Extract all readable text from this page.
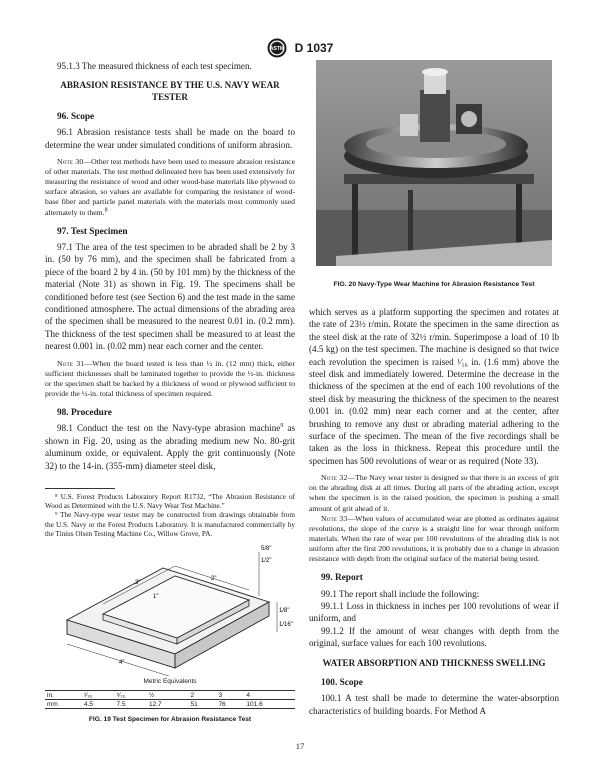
ASTM D 1037

95.1.3 The measured thickness of each test specimen.

ABRASION RESISTANCE BY THE U.S. NAVY WEAR TESTER

96. Scope

96.1 Abrasion resistance tests shall be made on the board to determine the wear under simulated conditions of uniform abrasion.

Note 30—Other test methods have been used to measure abrasion resistance of other materials. The test method delineated here has been used extensively for measuring the resistance of wood and other wood-base materials like plywood to surface abrasion, so values are available for comparing the resistance of wood-base fiber and particle panel materials with the materials most commonly used alternately to them.$^8$

97. Test Specimen

97.1 The area of the test specimen to be abraded shall be 2 by 3 in. (50 by 76 mm), and the specimen shall be fabricated from a piece of the board 2 by 4 in. (50 by 101 mm) by the thickness of the material (Note 31) as shown in Fig. 19. The specimens shall be conditioned before test (see Section 6) and the test made in the same conditioned atmosphere. The actual dimensions of the abrading area of the specimen shall be measured to the nearest 0.01 in. (0.2 mm). The thickness of the test specimen shall be measured to at least the nearest 0.001 in. (0.02 mm) near each corner and the center.

Note 31—When the board tested is less than ½ in. (12 mm) thick, either sufficient thicknesses shall be laminated together to provide the ½-in. thickness or the specimen shall be backed by a thickness of wood or plywood sufficient to provide the ½-in. total thickness of specimen required.

98. Procedure

98.1 Conduct the test on the Navy-type abrasion machine$^9$ as shown in Fig. 20, using as the abrading medium new No. 80-grit aluminum oxide, or equivalent. Apply the grit continuously (Note 32) to the 14-in. (355-mm) diameter steel disk,

⁸ U.S. Forest Products Laboratory Report R1732, “The Abrasion Resistance of Wood as Determined with the U.S. Navy Wear Test Machine.”

⁹ The Navy-type wear tester may be constructed from drawings obtainable from the U.S. Navy or the Forest Products Laboratory. It is manufactured commercially by the Tinius Olsen Testing Machine Co., Willow Grove, PA.

3"
2"
1"
4"
5/8"
1/2"
1/8"
1/16"
Metric Equivalents
in.	¹⁄₁₆	⁵⁄₁₆	½	2	3	4
mm	4.5	7.5	12.7	51	76	101.6
FIG. 19 Test Specimen for Abrasion Resistance Test
FIG. 20 Navy-Type Wear Machine for Abrasion Resistance Test

which serves as a platform supporting the specimen and rotates at the rate of 23½ r/min. Rotate the specimen in the same direction as the steel disk at the rate of 32½ r/min. Superimpose a load of 10 lb (4.5 kg) on the test specimen. The machine is designed so that twice each revolution the specimen is raised ¹⁄₁₆ in. (1.6 mm) above the steel disk and immediately lowered. Determine the decrease in the thickness of the specimen at the end of each 100 revolutions of the steel disk by measuring the thickness of the specimen to the nearest 0.001 in. (0.02 mm) near each corner and at the center, after brushing to remove any dust or abrading material adhering to the surface of the specimen. The mean of the five recordings shall be taken as the loss in thickness. Repeat this procedure until the specimen has 500 revolutions of wear or as required (Note 33).

Note 32—The Navy wear tester is designed so that there is an excess of grit on the abrading disk at all times. During all parts of the abrading action, except when the specimen is in the raised position, the specimen is pushing a small amount of grit ahead of it.

Note 33—When values of accumulated wear are plotted as ordinates against revolutions, the slope of the curve is a straight line for wear through uniform materials. When the rate of wear per 100 revolutions of the abrading disk is not uniform after the first 200 revolutions, it is probably due to a change in abrasion resistance with depth from the original surface of the material being tested.

99. Report

99.1 The report shall include the following:

99.1.1 Loss in thickness in inches per 100 revolutions of wear if uniform, and

99.1.2 If the amount of wear changes with depth from the original, surface values for each 100 revolutions.

WATER ABSORPTION AND THICKNESS SWELLING

100. Scope

100.1 A test shall be made to determine the water-absorption characteristics of building boards. For Method A

17
